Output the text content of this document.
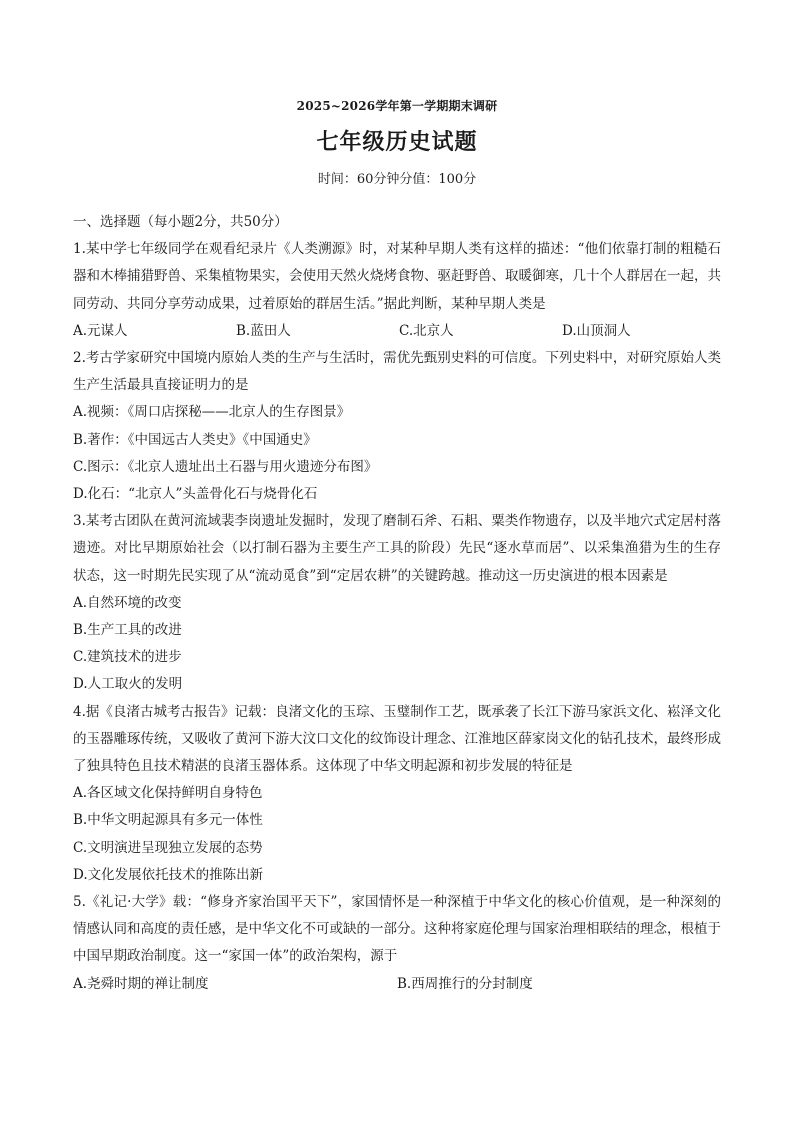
2025~2026学年第一学期期末调研
七年级历史试题
时间：60分钟分值：100分

一、选择题（每小题2分，共50分）

1.某中学七年级同学在观看纪录片《人类溯源》时，对某种早期人类有这样的描述：“他们依靠打制的粗糙石器和木棒捕猎野兽、采集植物果实，会使用天然火烧烤食物、驱赶野兽、取暖御寒，几十个人群居在一起，共同劳动、共同分享劳动成果，过着原始的群居生活。”据此判断，某种早期人类是

A.元谋人	B.蓝田人	C.北京人	D.山顶洞人

2.考古学家研究中国境内原始人类的生产与生活时，需优先甄别史料的可信度。下列史料中，对研究原始人类生产生活最具直接证明力的是

A.视频：《周口店探秘——北京人的生存图景》

B.著作：《中国远古人类史》《中国通史》

C.图示：《北京人遗址出土石器与用火遗迹分布图》

D.化石：“北京人”头盖骨化石与烧骨化石

3.某考古团队在黄河流域裴李岗遗址发掘时，发现了磨制石斧、石耜、粟类作物遗存，以及半地穴式定居村落遗迹。对比早期原始社会（以打制石器为主要生产工具的阶段）先民“逐水草而居”、以采集渔猎为生的生存状态，这一时期先民实现了从“流动觅食”到“定居农耕”的关键跨越。推动这一历史演进的根本因素是

A.自然环境的改变

B.生产工具的改进

C.建筑技术的进步

D.人工取火的发明

4.据《良渚古城考古报告》记载：良渚文化的玉琮、玉璧制作工艺，既承袭了长江下游马家浜文化、崧泽文化的玉器雕琢传统，又吸收了黄河下游大汶口文化的纹饰设计理念、江淮地区薛家岗文化的钻孔技术，最终形成了独具特色且技术精湛的良渚玉器体系。这体现了中华文明起源和初步发展的特征是

A.各区域文化保持鲜明自身特色

B.中华文明起源具有多元一体性

C.文明演进呈现独立发展的态势

D.文化发展依托技术的推陈出新

5.《礼记·大学》载：“修身齐家治国平天下”，家国情怀是一种深植于中华文化的核心价值观，是一种深刻的情感认同和高度的责任感，是中华文化不可或缺的一部分。这种将家庭伦理与国家治理相联结的理念，根植于中国早期政治制度。这一“家国一体”的政治架构，源于

A.尧舜时期的禅让制度	B.西周推行的分封制度
